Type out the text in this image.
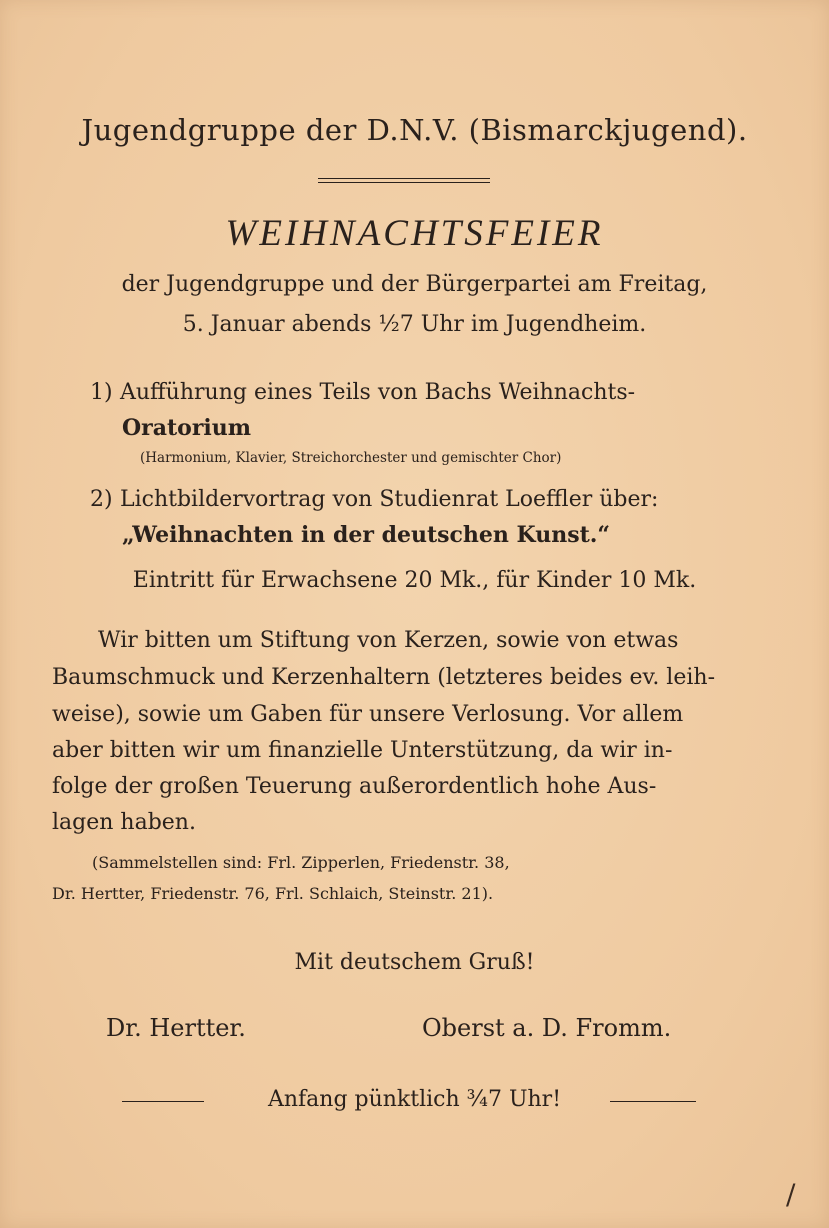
Jugendgruppe der D.N.V. (Bismarckjugend).
WEIHNACHTSFEIER
der Jugendgruppe und der Bürgerpartei am Freitag,
5. Januar abends ½7 Uhr im Jugendheim.
1) Aufführung eines Teils von Bachs Weihnachts-
Oratorium
(Harmonium, Klavier, Streichorchester und gemischter Chor)
2) Lichtbildervortrag von Studienrat Loeffler über:
„Weihnachten in der deutschen Kunst.“
Eintritt für Erwachsene 20 Mk., für Kinder 10 Mk.
Wir bitten um Stiftung von Kerzen, sowie von etwas
Baumschmuck und Kerzenhaltern (letzteres beides ev. leih-
weise), sowie um Gaben für unsere Verlosung. Vor allem
aber bitten wir um finanzielle Unterstützung, da wir in-
folge der großen Teuerung außerordentlich hohe Aus-
lagen haben.
(Sammelstellen sind: Frl. Zipperlen, Friedenstr. 38,
Dr. Hertter, Friedenstr. 76, Frl. Schlaich, Steinstr. 21).
Mit deutschem Gruß!
Dr. Hertter.	Oberst a. D. Fromm.
Anfang pünktlich ¾7 Uhr!
/
